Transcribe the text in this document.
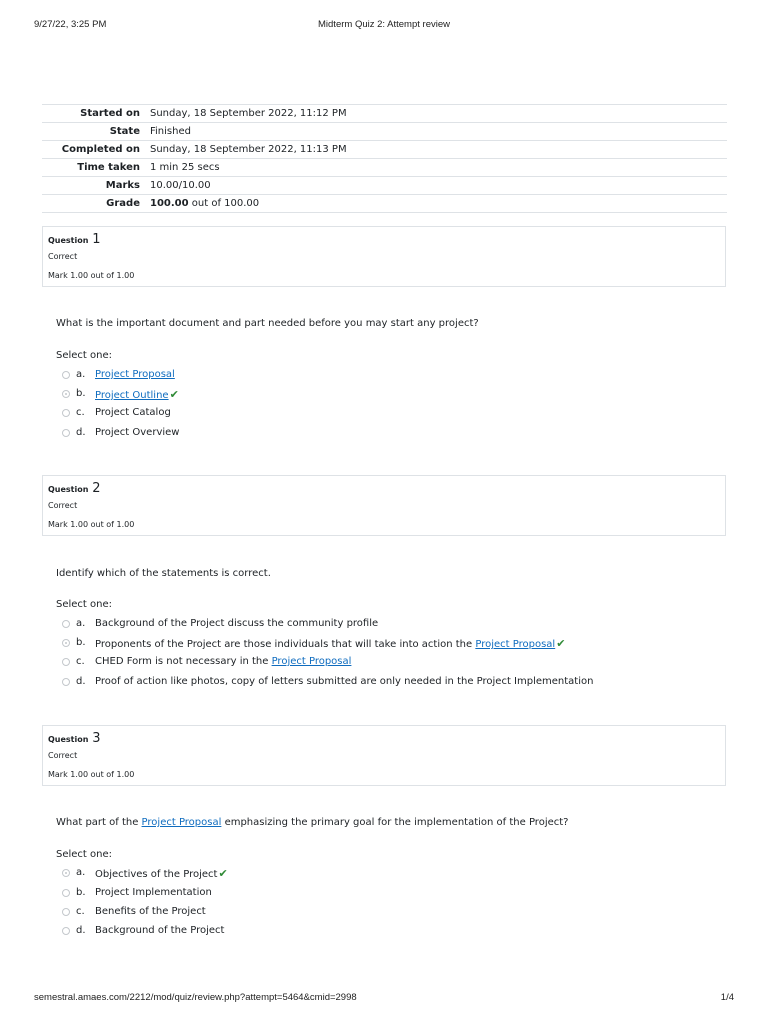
9/27/22, 3:25 PM	Midterm Quiz 2: Attempt review
Started on	Sunday, 18 September 2022, 11:12 PM
State	Finished
Completed on	Sunday, 18 September 2022, 11:13 PM
Time taken	1 min 25 secs
Marks	10.00/10.00
Grade	100.00 out of 100.00
Question 1
Correct
Mark 1.00 out of 1.00
What is the important document and part needed before you may start any project?
Select one:
a. Project Proposal
b. Project Outline✔
c. Project Catalog
d. Project Overview
Question 2
Correct
Mark 1.00 out of 1.00
Identify which of the statements is correct.
Select one:
a. Background of the Project discuss the community profile
b. Proponents of the Project are those individuals that will take into action the Project Proposal✔
c. CHED Form is not necessary in the Project Proposal
d. Proof of action like photos, copy of letters submitted are only needed in the Project Implementation
Question 3
Correct
Mark 1.00 out of 1.00
What part of the Project Proposal emphasizing the primary goal for the implementation of the Project?
Select one:
a. Objectives of the Project✔
b. Project Implementation
c. Benefits of the Project
d. Background of the Project
semestral.amaes.com/2212/mod/quiz/review.php?attempt=5464&cmid=2998	1/4
